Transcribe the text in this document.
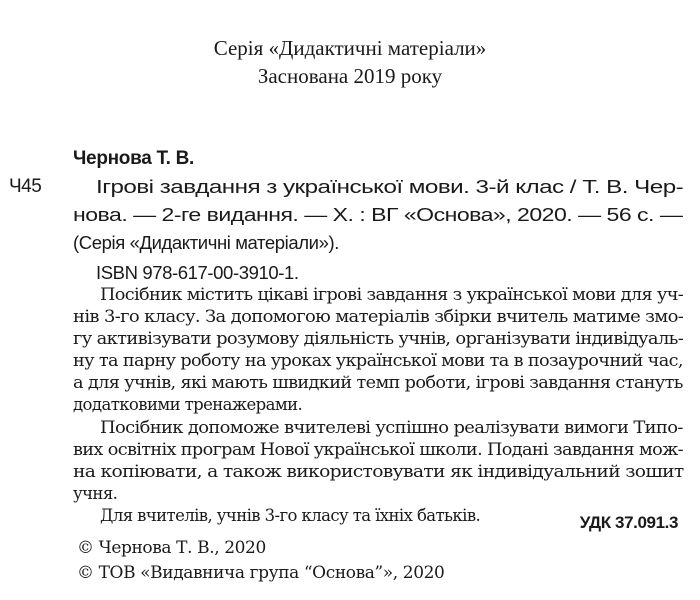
Серія «Дидактичні матеріали»
Заснована 2019 року
Чернова Т. В.
Ч45	Ігрові завдання з української мови. 3-й клас / Т. В. Чер-
нова. — 2-ге видання. — Х. : ВГ «Основа», 2020. — 56 с. —
(Серія «Дидактичні матеріали»).
ISBN 978-617-00-3910-1.
Посібник містить цікаві ігрові завдання з української мови для уч-
нів 3-го класу. За допомогою матеріалів збірки вчитель матиме змо-
гу активізувати розумову діяльність учнів, організувати індивідуаль-
ну та парну роботу на уроках української мови та в позаурочний час,
а для учнів, які мають швидкий темп роботи, ігрові завдання стануть
додатковими тренажерами.
Посібник допоможе вчителеві успішно реалізувати вимоги Типо-
вих освітніх програм Нової української школи. Подані завдання мож-
на копіювати, а також використовувати як індивідуальний зошит
учня.
Для вчителів, учнів 3-го класу та їхніх батьків.	УДК 37.091.3
© Чернова Т. В., 2020
© ТОВ «Видавнича група “Основа”», 2020
